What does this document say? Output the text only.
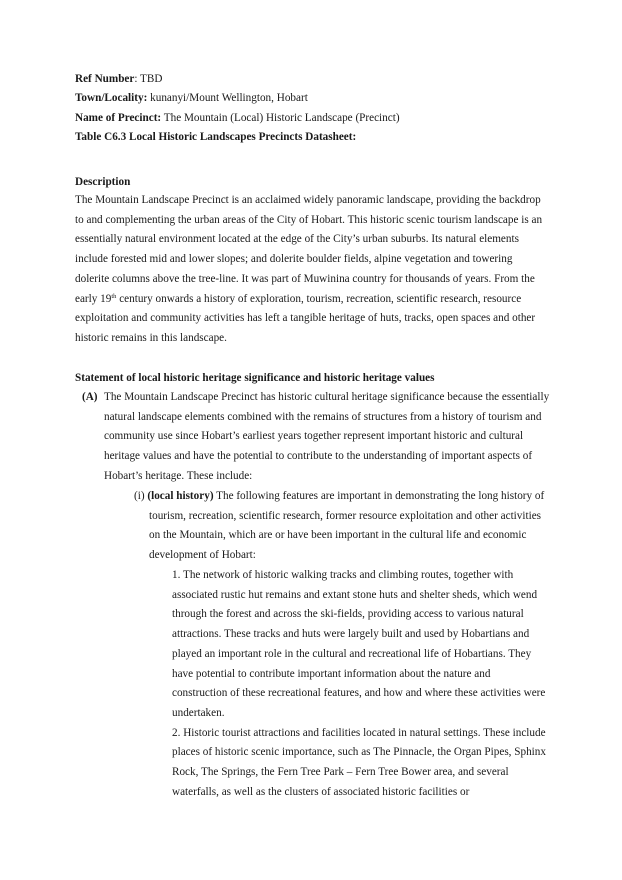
Ref Number: TBD
Town/Locality: kunanyi/Mount Wellington, Hobart
Name of Precinct: The Mountain (Local) Historic Landscape (Precinct)
Table C6.3 Local Historic Landscapes Precincts Datasheet:
Description

The Mountain Landscape Precinct is an acclaimed widely panoramic landscape, providing the backdrop to and complementing the urban areas of the City of Hobart. This historic scenic tourism landscape is an essentially natural environment located at the edge of the City’s urban suburbs. Its natural elements include forested mid and lower slopes; and dolerite boulder fields, alpine vegetation and towering dolerite columns above the tree-line. It was part of Muwinina country for thousands of years. From the early 19th century onwards a history of exploration, tourism, recreation, scientific research, resource exploitation and community activities has left a tangible heritage of huts, tracks, open spaces and other historic remains in this landscape.

Statement of local historic heritage significance and historic heritage values
(A) The Mountain Landscape Precinct has historic cultural heritage significance because the essentially natural landscape elements combined with the remains of structures from a history of tourism and community use since Hobart’s earliest years together represent important historic and cultural heritage values and have the potential to contribute to the understanding of important aspects of Hobart’s heritage. These include:

(i) (local history) The following features are important in demonstrating the long history of tourism, recreation, scientific research, former resource exploitation and other activities on the Mountain, which are or have been important in the cultural life and economic development of Hobart:

1. The network of historic walking tracks and climbing routes, together with associated rustic hut remains and extant stone huts and shelter sheds, which wend through the forest and across the ski-fields, providing access to various natural attractions. These tracks and huts were largely built and used by Hobartians and played an important role in the cultural and recreational life of Hobartians. They have potential to contribute important information about the nature and construction of these recreational features, and how and where these activities were undertaken.

2. Historic tourist attractions and facilities located in natural settings. These include places of historic scenic importance, such as The Pinnacle, the Organ Pipes, Sphinx Rock, The Springs, the Fern Tree Park – Fern Tree Bower area, and several waterfalls, as well as the clusters of associated historic facilities or
